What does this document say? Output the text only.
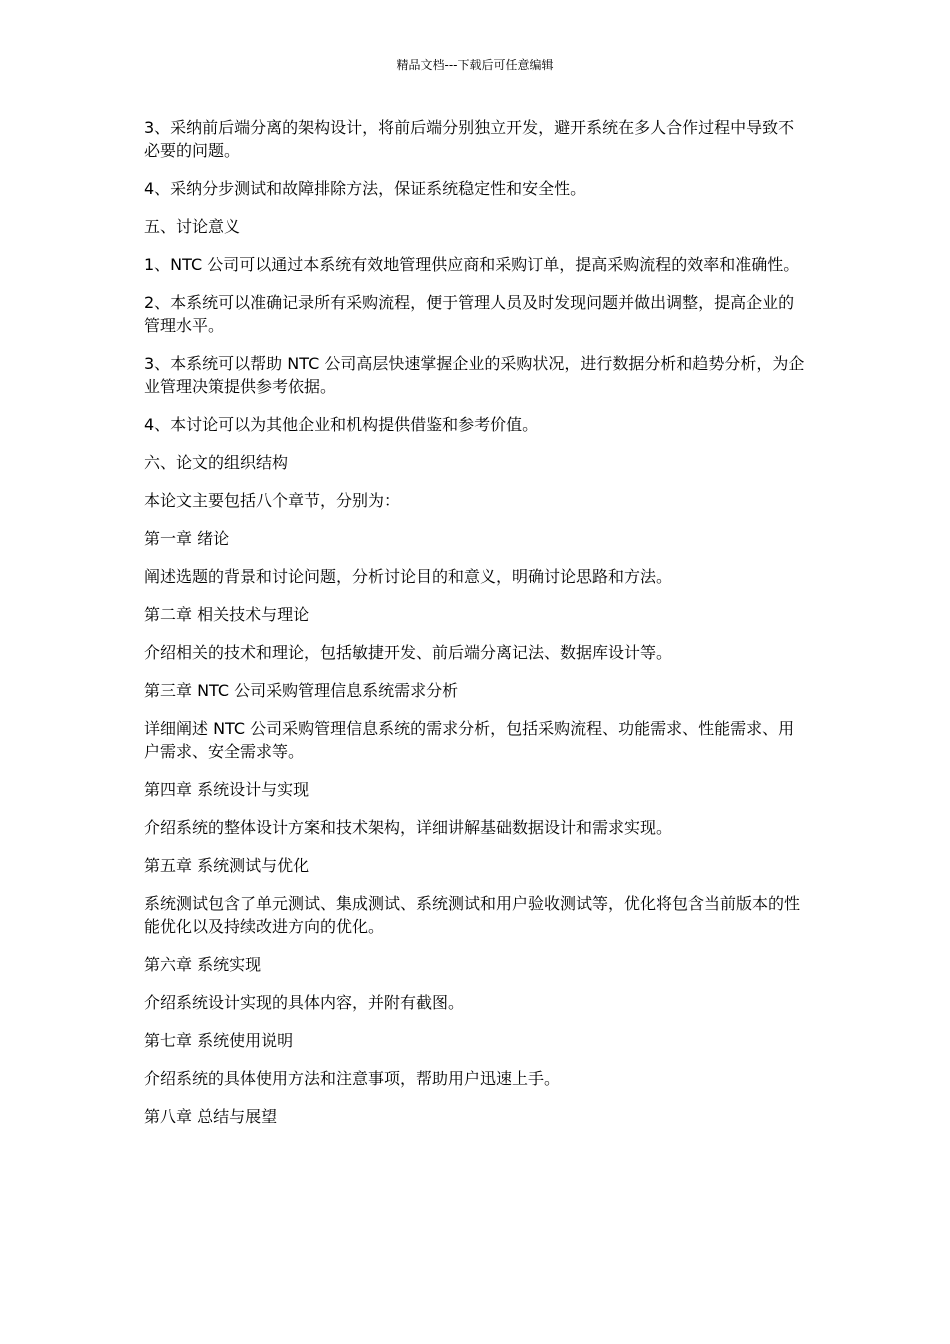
精品文档---下载后可任意编辑

3、采纳前后端分离的架构设计，将前后端分别独立开发，避开系统在多人合作过程中导致不必要的问题。

4、采纳分步测试和故障排除方法，保证系统稳定性和安全性。

五、讨论意义

1、NTC 公司可以通过本系统有效地管理供应商和采购订单，提高采购流程的效率和准确性。

2、本系统可以准确记录所有采购流程，便于管理人员及时发现问题并做出调整，提高企业的管理水平。

3、本系统可以帮助 NTC 公司高层快速掌握企业的采购状况，进行数据分析和趋势分析，为企业管理决策提供参考依据。

4、本讨论可以为其他企业和机构提供借鉴和参考价值。

六、论文的组织结构

本论文主要包括八个章节，分别为：

第一章 绪论

阐述选题的背景和讨论问题，分析讨论目的和意义，明确讨论思路和方法。

第二章 相关技术与理论

介绍相关的技术和理论，包括敏捷开发、前后端分离记法、数据库设计等。

第三章 NTC 公司采购管理信息系统需求分析

详细阐述 NTC 公司采购管理信息系统的需求分析，包括采购流程、功能需求、性能需求、用户需求、安全需求等。

第四章 系统设计与实现

介绍系统的整体设计方案和技术架构，详细讲解基础数据设计和需求实现。

第五章 系统测试与优化

系统测试包含了单元测试、集成测试、系统测试和用户验收测试等，优化将包含当前版本的性能优化以及持续改进方向的优化。

第六章 系统实现

介绍系统设计实现的具体内容，并附有截图。

第七章 系统使用说明

介绍系统的具体使用方法和注意事项，帮助用户迅速上手。

第八章 总结与展望
